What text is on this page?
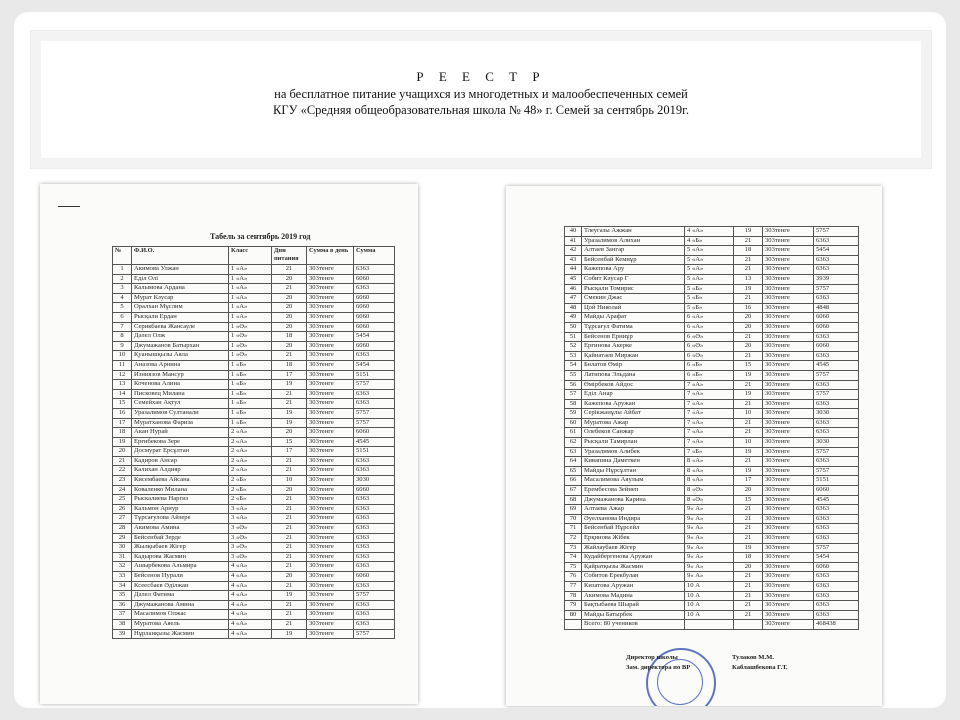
Р Е Е С Т Р
на бесплатное питание учащихся из многодетных и малообеспеченных семей
КГУ «Средняя общеобразовательная школа № 48» г. Семей за сентябрь 2019г.
Табель за сентябрь 2019 год
№	Ф.И.О.	Класс	Дни питания	Сумма в день	Сумма
1	Акимова Улжан	1 «А»	21	303тенге	6363
2	Еділ Олі	1 «А»	20	303тенге	6060
3	Калымова Ардана	1 «А»	21	303тенге	6363
4	Мурат Кәусар	1 «А»	20	303тенге	6060
5	Оралхан Мұслим	1 «А»	20	303тенге	6060
6	Рысқали Ердан	1 «А»	20	303тенге	6060
7	Серикбаева Жансауле	1 «Ә»	20	303тенге	6060
8	Дәлел Олж	1 «Ә»	18	303тенге	5454
9	Джумажанов Батырхан	1 «Ә»	20	303тенге	6060
10	Қуанышқызы Аяла	1 «Ә»	21	303тенге	6363
11	Аназова Арнина	1 «Б»	18	303тенге	5454
12	Изниязов Мансур	1 «Б»	17	303тенге	5151
13	Коченова Алина	1 «Б»	19	303тенге	5757
14	Писковец Милана	1 «Б»	21	303тенге	6363
15	Семейхан Ақтул	1 «Б»	21	303тенге	6363
16	Уразалимов Султанали	1 «Б»	19	303тенге	5757
17	Муратханова Фариза	1 «Б»	19	303тенге	5757
18	Акан Нурай	2 «А»	20	303тенге	6060
19	Ерғибекова Зере	2 «А»	15	303тенге	4545
20	Досмурат Ерсұлтан	2 «А»	17	303тенге	5151
21	Кадиров Ансар	2 «А»	21	303тенге	6363
22	Калихан Алдияр	2 «А»	21	303тенге	6363
23	Кисембаева Айсана	2 «Б»	10	303тенге	3030
24	Коваленко Милана	2 «Б»	20	303тенге	6060
25	Рыскалиева Наргиз	2 «Б»	21	303тенге	6363
26	Кальмон Арнур	3 «А»	21	303тенге	6363
27	Тұрсағулова Айзере	3 «А»	21	303тенге	6363
28	Акимова Амина	3 «Ә»	21	303тенге	6363
29	Бейсенбай Зерде	3 «Ә»	21	303тенге	6363
30	Жылқыбаев Жігер	3 «Ә»	21	303тенге	6363
31	Кадырова Жасмин	3 «Ә»	21	303тенге	6363
32	Ашырбекова Альмира	4 «А»	21	303тенге	6363
33	Бейсенов Нурали	4 «А»	20	303тенге	6060
34	Ксеесбаев Әділжан	4 «А»	21	303тенге	6363
35	Дәлел Фатима	4 «А»	19	303тенге	5757
36	Джумажанова Амина	4 «А»	21	303тенге	6363
37	Масалимов Олжас	4 «А»	21	303тенге	6363
38	Муратова Аяель	4 «А»	21	303тенге	6363
39	Нұрланқызы Жасмин	4 «А»	19	303тенге	5757
40	Тлеугазы Ажжан	4 «А»	19	303тенге	5757
41	Уразалимов Алихан	4 «Б»	21	303тенге	6363
42	Алтаев Зангар	5 «А»	18	303тенге	5454
43	Бейсенбай Кемиұр	5 «А»	21	303тенге	6363
44	Кажепова Ару	5 «А»	21	303тенге	6363
45	Собит Кәусар Г	5 «А»	13	303тенге	3939
46	Рысқали Томирис	5 «Б»	19	303тенге	5757
47	Смекин Джас	5 «Б»	21	303тенге	6363
48	Цой Николай	5 «Б»	16	303тенге	4848
49	Майды Арафат	6 «А»	20	303тенге	6060
50	Тұрсағул Фатима	6 «А»	20	303тенге	6060
51	Бейсенов Ерниұр	6 «Ә»	21	303тенге	6363
52	Ерғинова Акерке	6 «Ә»	20	303тенге	6060
53	Қайнатаев Миржан	6 «Ә»	21	303тенге	6363
54	Бөлатов Өмір	6 «Б»	15	303тенге	4545
55	Латипова Эльдана	6 «Б»	19	303тенге	5757
56	Өмірбеков Айдос	7 «А»	21	303тенге	6363
57	Еділ Анар	7 «А»	19	303тенге	5757
58	Кажепова Аружан	7 «А»	21	303тенге	6363
59	Серікжанұлы Айбат	7 «А»	10	303тенге	3030
60	Муратова Ажар	7 «А»	21	303тенге	6363
61	Олебеков Санжар	7 «А»	21	303тенге	6363
62	Рысқали Тамирлан	7 «А»	10	303тенге	3030
63	Уразалимов Алибек	7 «Б»	19	303тенге	5757
64	Кивапина Даметкен	8 «А»	21	303тенге	6363
65	Майды Нұрсұлтан	8 «А»	19	303тенге	5757
66	Масалимова Аяулым	8 «А»	17	303тенге	5151
67	Ерембесова Зейнеп	8 «Ә»	20	303тенге	6060
68	Джумажанова Карина	8 «Ә»	15	303тенге	4545
69	Алтаева Ажар	9« А»	21	303тенге	6363
70	Әуелханова Индира	9« А»	21	303тенге	6363
71	Бейсенбай Нұрсейл	9« А»	21	303тенге	6363
72	Ерқинова Жібек	9« А»	21	303тенге	6363
73	Жайлаубаев Жігер	9« А»	19	303тенге	5757
74	Кудайбергенова Аружан	9« А»	18	303тенге	5454
75	Қайратқызы Жасмин	9« А»	20	303тенге	6060
76	Собитов Ерекбулан	9« А»	21	303тенге	6363
77	Кизатова Аружан	10 А	21	303тенге	6363
78	Акимова Мадина	10 А	21	303тенге	6363
79	Бақтыбаева Шырай	10 А	21	303тенге	6363
80	Майды Батырбек	10 А	21	303тенге	6363
	Всего: 80 учеников			303тенге	468438
Директор школы	Тулаков М.М.
Зам. директора по ВР	Каблашбекова Г.Т.
